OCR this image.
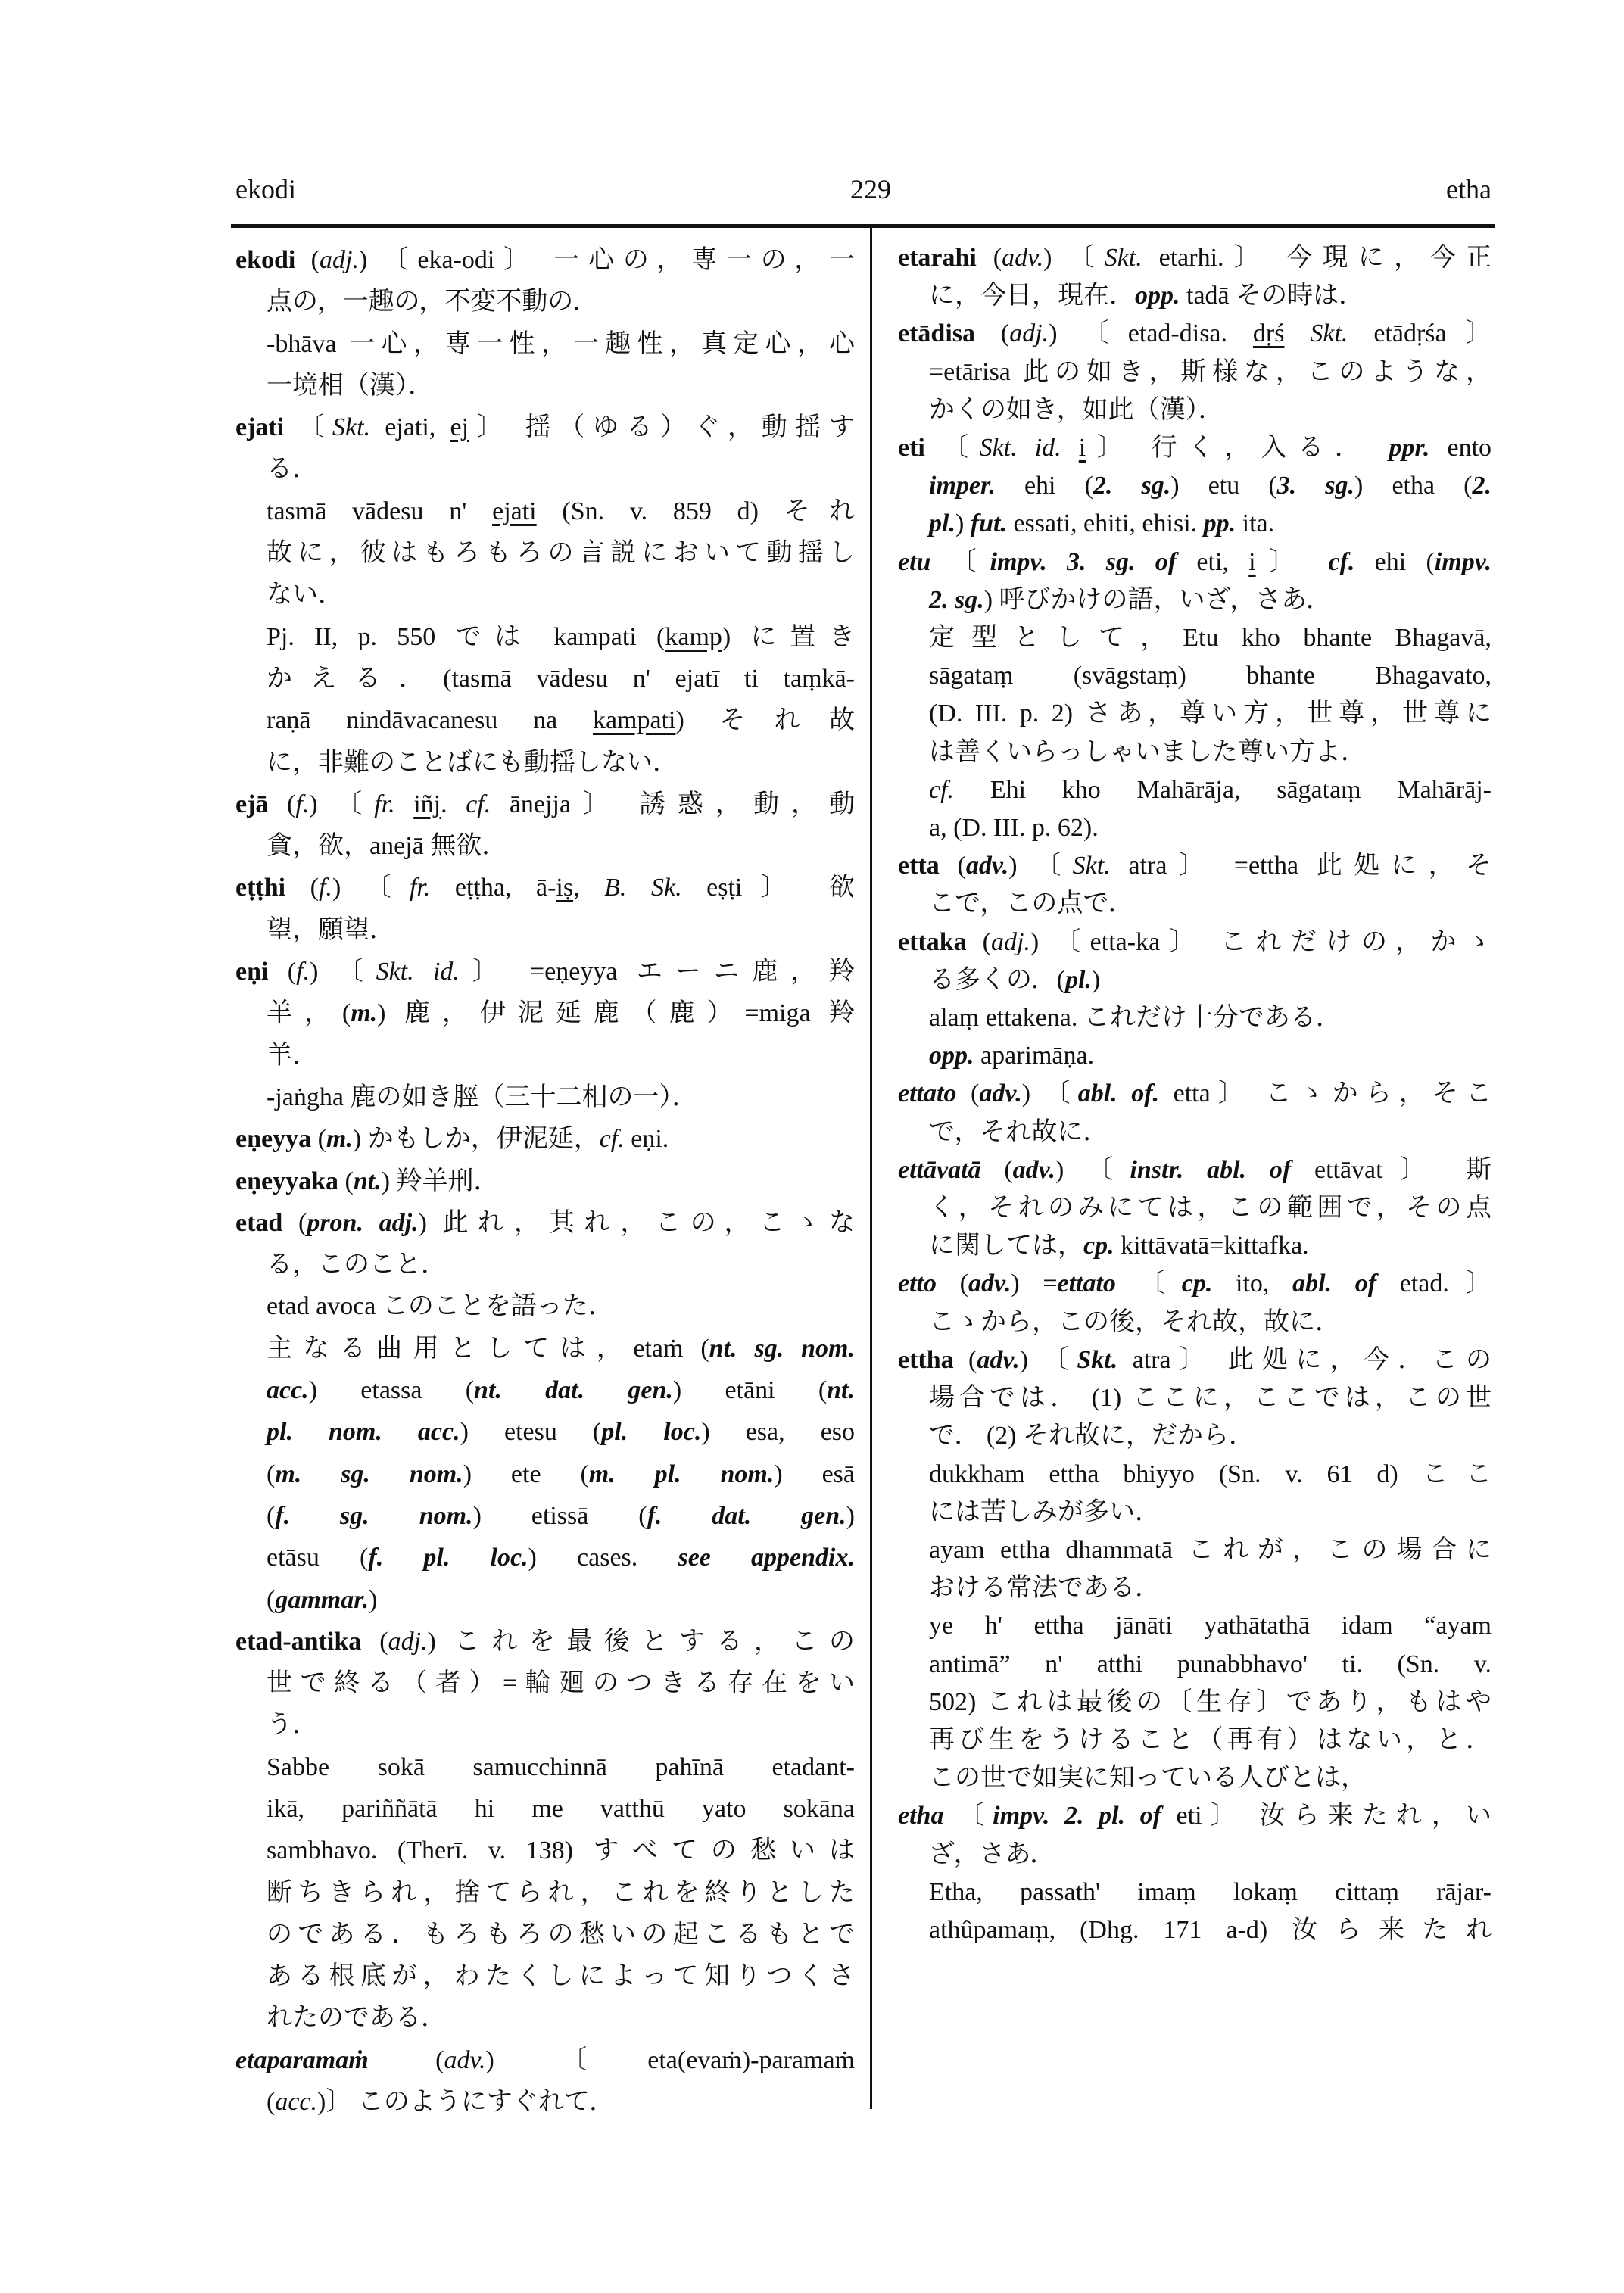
ekodi	229	etha
ekodi (adj.) 〔eka-odi〕 一心の，専一の，一
点の，一趣の，不変不動の．
-bhāva 一心，専一性，一趣性，真定心，心
一境相（漢）．
ejati 〔Skt. ejati, ej〕 揺（ゆる）ぐ，動揺す
る．
tasmā vādesu n' ejati (Sn. v. 859 d) それ
故に，彼はもろもろの言説において動揺し
ない．
Pj. II, p. 550 では kampati (kamp) に置き
かえる．(tasmā vādesu n' ejatī ti taṃkā-
raṇā nindāvacanesu na kampati) それ故
に，非難のことばにも動揺しない．
ejā (f.) 〔fr. iñj. cf. ānejja〕 誘惑，動，動
貪，欲，anejā 無欲．
eṭṭhi (f.) 〔fr. eṭṭha, ā-iṣ, B. Sk. eṣṭi〕 欲
望，願望．
eṇi (f.) 〔Skt. id.〕 =eṇeyya エーニ鹿，羚
羊，(m.) 鹿，伊泥延鹿（鹿）=miga 羚
羊．
-jaṅgha 鹿の如き脛（三十二相の一）．
eṇeyya (m.) かもしか，伊泥延，cf. eṇi.
eṇeyyaka (nt.) 羚羊刑．
etad (pron. adj.) 此れ，其れ，この，こゝな
る，このこと．
etad avoca このことを語った．
主なる曲用としては，etaṁ (nt. sg. nom.
acc.) etassa (nt. dat. gen.) etāni (nt.
pl. nom. acc.) etesu (pl. loc.) esa, eso
(m. sg. nom.) ete (m. pl. nom.) esā
(f. sg. nom.) etissā (f. dat. gen.)
etāsu (f. pl. loc.) cases. see appendix.
(gammar.)
etad-antika (adj.) これを最後とする，この
世で終る（者）=輪廻のつきる存在をい
う．
Sabbe sokā samucchinnā pahīnā etadant-
ikā, pariññātā hi me vatthū yato sokāna
sambhavo. (Therī. v. 138) すべての愁いは
断ちきられ，捨てられ，これを終りとした
のである．もろもろの愁いの起こるもとで
ある根底が，わたくしによって知りつくさ
れたのである．
etaparamaṁ (adv.) 〔eta(evaṁ)-paramaṁ
(acc.)〕 このようにすぐれて．
etarahi (adv.) 〔Skt. etarhi.〕 今現に，今正
に，今日，現在．opp. tadā その時は．
etādisa (adj.) 〔etad-disa. dṛś Skt. etādṛśa〕
=etārisa 此の如き，斯様な，このような，
かくの如き，如此（漢）．
eti 〔Skt. id. i〕 行く，入る． ppr. ento
imper. ehi (2. sg.) etu (3. sg.) etha (2.
pl.) fut. essati, ehiti, ehisi. pp. ita.
etu 〔impv. 3. sg. of eti, i〕 cf. ehi (impv.
2. sg.) 呼びかけの語，いざ，さあ．
定型として，Etu kho bhante Bhagavā,
sāgataṃ (svāgstaṃ) bhante Bhagavato,
(D. III. p. 2) さあ，尊い方，世尊，世尊に
は善くいらっしゃいました尊い方よ．
cf. Ehi kho Mahārāja, sāgataṃ Mahārāj-
a, (D. III. p. 62).
etta (adv.) 〔Skt. atra〕 =ettha 此処に，そ
こで，この点で．
ettaka (adj.) 〔etta-ka〕 これだけの，かゝ
る多くの．(pl.)
alaṃ ettakena. これだけ十分である．
opp. aparimāṇa.
ettato (adv.) 〔abl. of. etta〕 こゝから，そこ
で，それ故に．
ettāvatā (adv.) 〔instr. abl. of ettāvat〕 斯
く，それのみにては，この範囲で，その点
に関しては，cp. kittāvatā=kittafka.
etto (adv.) =ettato 〔cp. ito, abl. of etad.〕
こゝから，この後，それ故，故に．
ettha (adv.) 〔Skt. atra〕 此処に，今．この
場合では． (1) ここに，ここでは，この世
で． (2) それ故に，だから．
dukkham ettha bhiyyo (Sn. v. 61 d) ここ
には苦しみが多い．
ayam ettha dhammatā これが，この場合に
おける常法である．
ye h' ettha jānāti yathātathā idam “ayam
antimā” n' atthi punabbhavo' ti. (Sn. v.
502) これは最後の〔生存〕であり，もはや
再び生をうけること（再有）はない，と．
この世で如実に知っている人びとは，
etha 〔impv. 2. pl. of eti〕 汝ら来たれ，い
ざ，さあ．
Etha, passath' imaṃ lokaṃ cittaṃ rājar-
athûpamaṃ, (Dhg. 171 a-d) 汝ら来たれ
